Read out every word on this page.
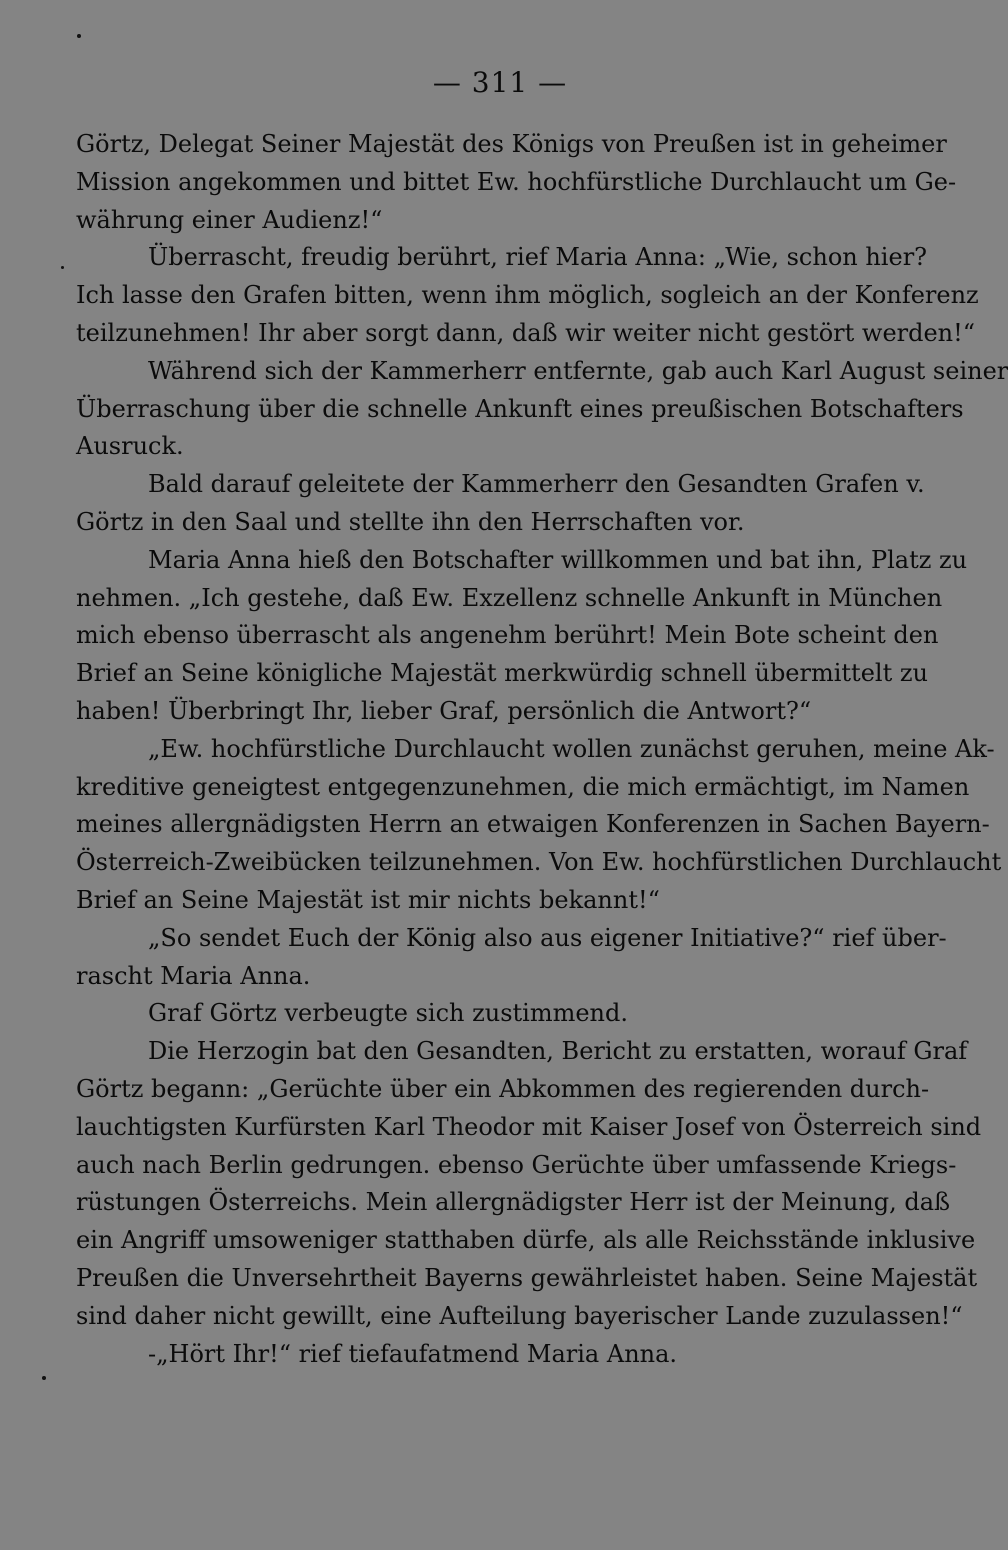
— 311 —
Görtz, Delegat Seiner Majestät des Königs von Preußen ist in geheimer
Mission angekommen und bittet Ew. hochfürstliche Durchlaucht um Ge-
währung einer Audienz!“
Überrascht, freudig berührt, rief Maria Anna: „Wie, schon hier?
Ich lasse den Grafen bitten, wenn ihm möglich, sogleich an der Konferenz
teilzunehmen! Ihr aber sorgt dann, daß wir weiter nicht gestört werden!“
Während sich der Kammerherr entfernte, gab auch Karl August seiner
Überraschung über die schnelle Ankunft eines preußischen Botschafters
Ausruck.
Bald darauf geleitete der Kammerherr den Gesandten Grafen v.
Görtz in den Saal und stellte ihn den Herrschaften vor.
Maria Anna hieß den Botschafter willkommen und bat ihn, Platz zu
nehmen. „Ich gestehe, daß Ew. Exzellenz schnelle Ankunft in München
mich ebenso überrascht als angenehm berührt! Mein Bote scheint den
Brief an Seine königliche Majestät merkwürdig schnell übermittelt zu
haben! Überbringt Ihr, lieber Graf, persönlich die Antwort?“
„Ew. hochfürstliche Durchlaucht wollen zunächst geruhen, meine Ak-
kreditive geneigtest entgegenzunehmen, die mich ermächtigt, im Namen
meines allergnädigsten Herrn an etwaigen Konferenzen in Sachen Bayern-
Österreich-Zweibücken teilzunehmen. Von Ew. hochfürstlichen Durchlaucht
Brief an Seine Majestät ist mir nichts bekannt!“
„So sendet Euch der König also aus eigener Initiative?“ rief über-
rascht Maria Anna.
Graf Görtz verbeugte sich zustimmend.
Die Herzogin bat den Gesandten, Bericht zu erstatten, worauf Graf
Görtz begann: „Gerüchte über ein Abkommen des regierenden durch-
lauchtigsten Kurfürsten Karl Theodor mit Kaiser Josef von Österreich sind
auch nach Berlin gedrungen. ebenso Gerüchte über umfassende Kriegs-
rüstungen Österreichs. Mein allergnädigster Herr ist der Meinung, daß
ein Angriff umsoweniger statthaben dürfe, als alle Reichsstände inklusive
Preußen die Unversehrtheit Bayerns gewährleistet haben. Seine Majestät
sind daher nicht gewillt, eine Aufteilung bayerischer Lande zuzulassen!“
-„Hört Ihr!“ rief tiefaufatmend Maria Anna.
